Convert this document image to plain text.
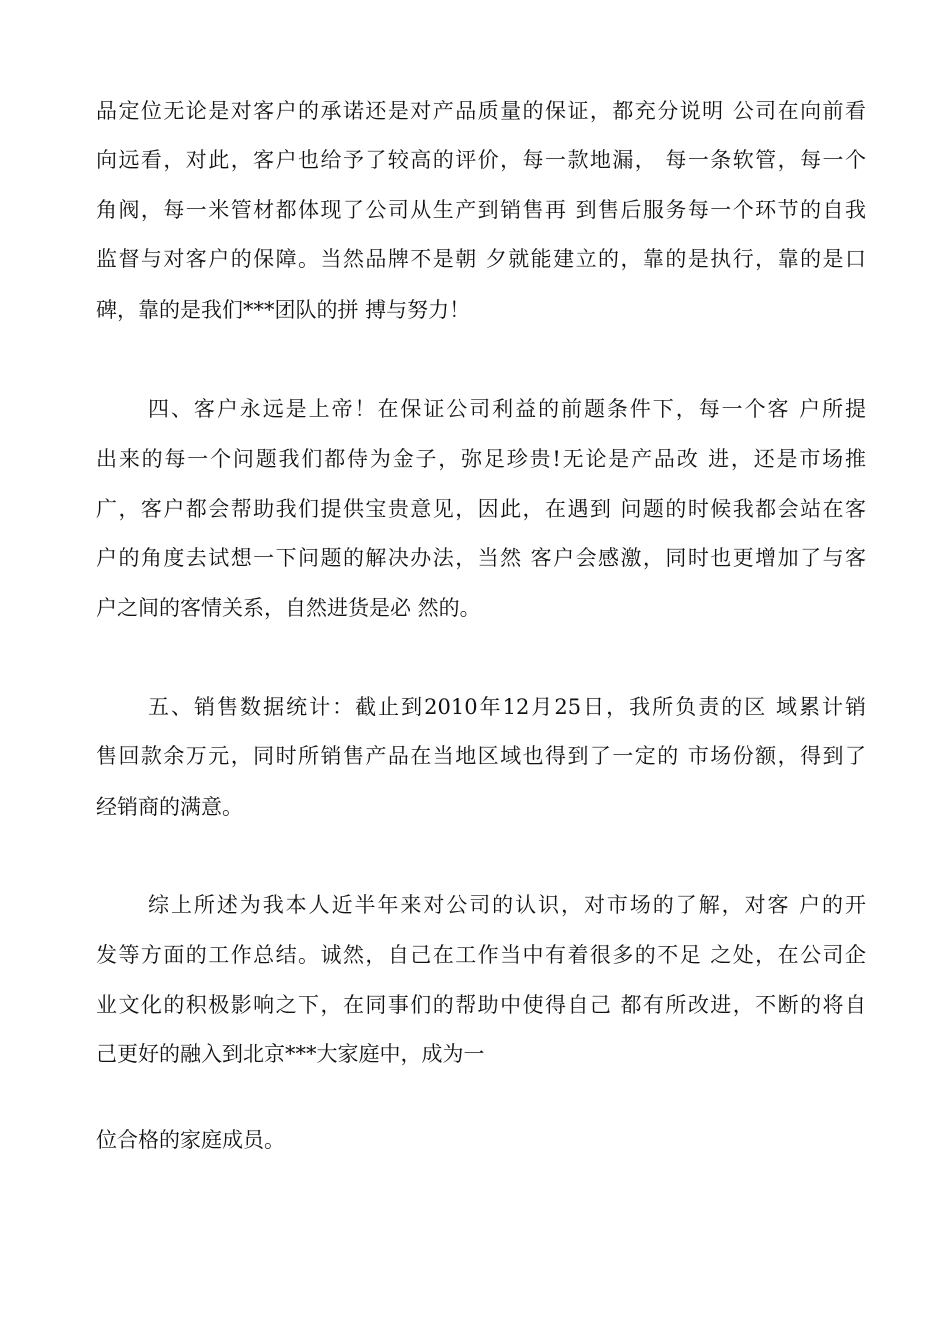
品定位无论是对客户的承诺还是对产品质量的保证，都充分说明 公司在向前看
向远看，对此，客户也给予了较高的评价，每一款地漏， 每一条软管，每一个
角阀，每一米管材都体现了公司从生产到销售再 到售后服务每一个环节的自我
监督与对客户的保障。当然品牌不是朝 夕就能建立的，靠的是执行，靠的是口
碑，靠的是我们***团队的拼 搏与努力！
四、客户永远是上帝！在保证公司利益的前题条件下，每一个客 户所提
出来的每一个问题我们都侍为金子，弥足珍贵!无论是产品改 进，还是市场推
广，客户都会帮助我们提供宝贵意见，因此，在遇到 问题的时候我都会站在客
户的角度去试想一下问题的解决办法，当然 客户会感激，同时也更增加了与客
户之间的客情关系，自然进货是必 然的。
五、销售数据统计：截止到2010年12月25日，我所负责的区 域累计销
售回款余万元，同时所销售产品在当地区域也得到了一定的 市场份额，得到了
经销商的满意。
综上所述为我本人近半年来对公司的认识，对市场的了解，对客 户的开
发等方面的工作总结。诚然，自己在工作当中有着很多的不足 之处，在公司企
业文化的积极影响之下，在同事们的帮助中使得自己 都有所改进，不断的将自
己更好的融入到北京***大家庭中，成为一
位合格的家庭成员。
